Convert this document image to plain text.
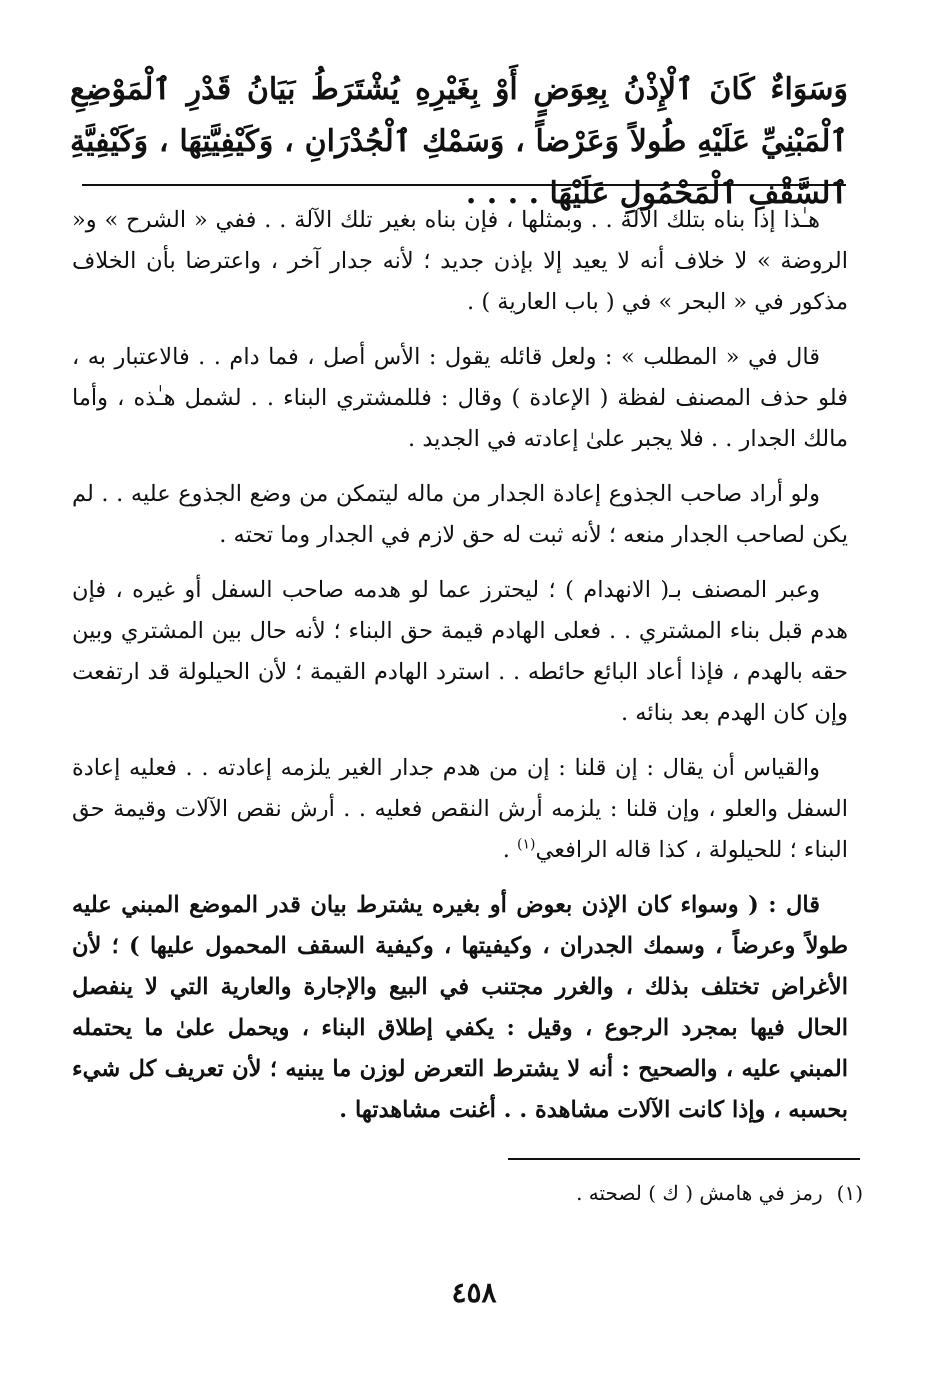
وَسَوَاءٌ كَانَ ٱلْإِذْنُ بِعِوَضٍ أَوْ بِغَيْرِهِ يُشْتَرَطُ بَيَانُ قَدْرِ ٱلْمَوْضِعِ ٱلْمَبْنِيِّ عَلَيْهِ طُولاً وَعَرْضاً ، وَسَمْكِ ٱلْجُدْرَانِ ، وَكَيْفِيَّتِهَا ، وَكَيْفِيَّةِ ٱلسَّقْفِ ٱلْمَحْمُولِ عَلَيْهَا . . . .

هـٰذا إذا بناه بتلك الآلة . . وبمثلها ، فإن بناه بغير تلك الآلة . . ففي « الشرح » و« الروضة » لا خلاف أنه لا يعيد إلا بإذن جديد ؛ لأنه جدار آخر ، واعترضا بأن الخلاف مذكور في « البحر » في ( باب العارية ) .

قال في « المطلب » : ولعل قائله يقول : الأس أصل ، فما دام . . فالاعتبار به ، فلو حذف المصنف لفظة ( الإعادة ) وقال : فللمشتري البناء . . لشمل هـٰذه ، وأما مالك الجدار . . فلا يجبر علىٰ إعادته في الجديد .

ولو أراد صاحب الجذوع إعادة الجدار من ماله ليتمكن من وضع الجذوع عليه . . لم يكن لصاحب الجدار منعه ؛ لأنه ثبت له حق لازم في الجدار وما تحته .

وعبر المصنف بـ( الانهدام ) ؛ ليحترز عما لو هدمه صاحب السفل أو غيره ، فإن هدم قبل بناء المشتري . . فعلى الهادم قيمة حق البناء ؛ لأنه حال بين المشتري وبين حقه بالهدم ، فإذا أعاد البائع حائطه . . استرد الهادم القيمة ؛ لأن الحيلولة قد ارتفعت وإن كان الهدم بعد بنائه .

والقياس أن يقال : إن قلنا : إن من هدم جدار الغير يلزمه إعادته . . فعليه إعادة السفل والعلو ، وإن قلنا : يلزمه أرش النقص فعليه . . أرش نقص الآلات وقيمة حق البناء ؛ للحيلولة ، كذا قاله الرافعي$^{(١)}$ .

قال : ( وسواء كان الإذن بعوض أو بغيره يشترط بيان قدر الموضع المبني عليه طولاً وعرضاً ، وسمك الجدران ، وكيفيتها ، وكيفية السقف المحمول عليها ) ؛ لأن الأغراض تختلف بذلك ، والغرر مجتنب في البيع والإجارة والعارية التي لا ينفصل الحال فيها بمجرد الرجوع ، وقيل : يكفي إطلاق البناء ، ويحمل علىٰ ما يحتمله المبني عليه ، والصحيح : أنه لا يشترط التعرض لوزن ما يبنيه ؛ لأن تعريف كل شيء بحسبه ، وإذا كانت الآلات مشاهدة . . أغنت مشاهدتها .

(١)رمز في هامش ( ك ) لصحته .

٤٥٨
